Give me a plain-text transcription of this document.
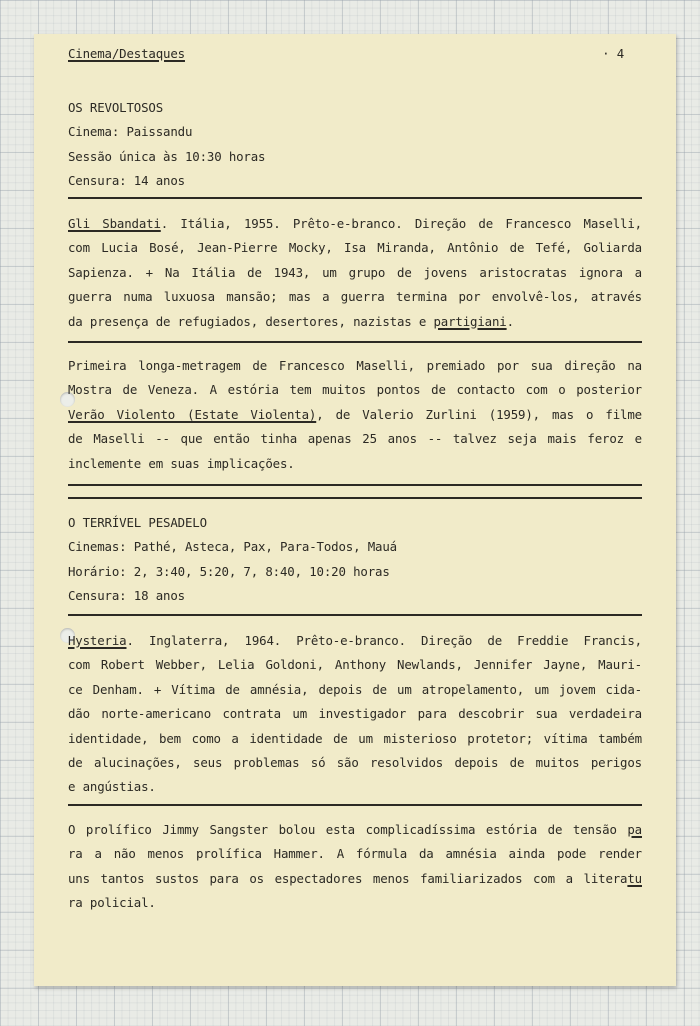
Cinema/Destaques	· 4
OS REVOLTOSOS
Cinema: Paissandu
Sessão única às 10:30 horas
Censura: 14 anos
Gli Sbandati. Itália, 1955. Prêto-e-branco. Direção de Francesco Maselli,
com Lucia Bosé, Jean-Pierre Mocky, Isa Miranda, Antônio de Tefé, Goliarda
Sapienza. + Na Itália de 1943, um grupo de jovens aristocratas ignora a
guerra numa luxuosa mansão; mas a guerra termina por envolvê-los, através
da presença de refugiados, desertores, nazistas e partigiani.
Primeira longa-metragem de Francesco Maselli, premiado por sua direção na
Mostra de Veneza. A estória tem muitos pontos de contacto com o posterior
Verão Violento (Estate Violenta), de Valerio Zurlini (1959), mas o filme
de Maselli -- que então tinha apenas 25 anos -- talvez seja mais feroz e
inclemente em suas implicações.
O TERRÍVEL PESADELO
Cinemas: Pathé, Asteca, Pax, Para-Todos, Mauá
Horário: 2, 3:40, 5:20, 7, 8:40, 10:20 horas
Censura: 18 anos
Hysteria. Inglaterra, 1964. Prêto-e-branco. Direção de Freddie Francis,
com Robert Webber, Lelia Goldoni, Anthony Newlands, Jennifer Jayne, Mauri-
ce Denham. + Vítima de amnésia, depois de um atropelamento, um jovem cida-
dão norte-americano contrata um investigador para descobrir sua verdadeira
identidade, bem como a identidade de um misterioso protetor; vítima também
de alucinações, seus problemas só são resolvidos depois de muitos perigos
e angústias.
O prolífico Jimmy Sangster bolou esta complicadíssima estória de tensão pa
ra a não menos prolífica Hammer. A fórmula da amnésia ainda pode render
uns tantos sustos para os espectadores menos familiarizados com a literatu
ra policial.
